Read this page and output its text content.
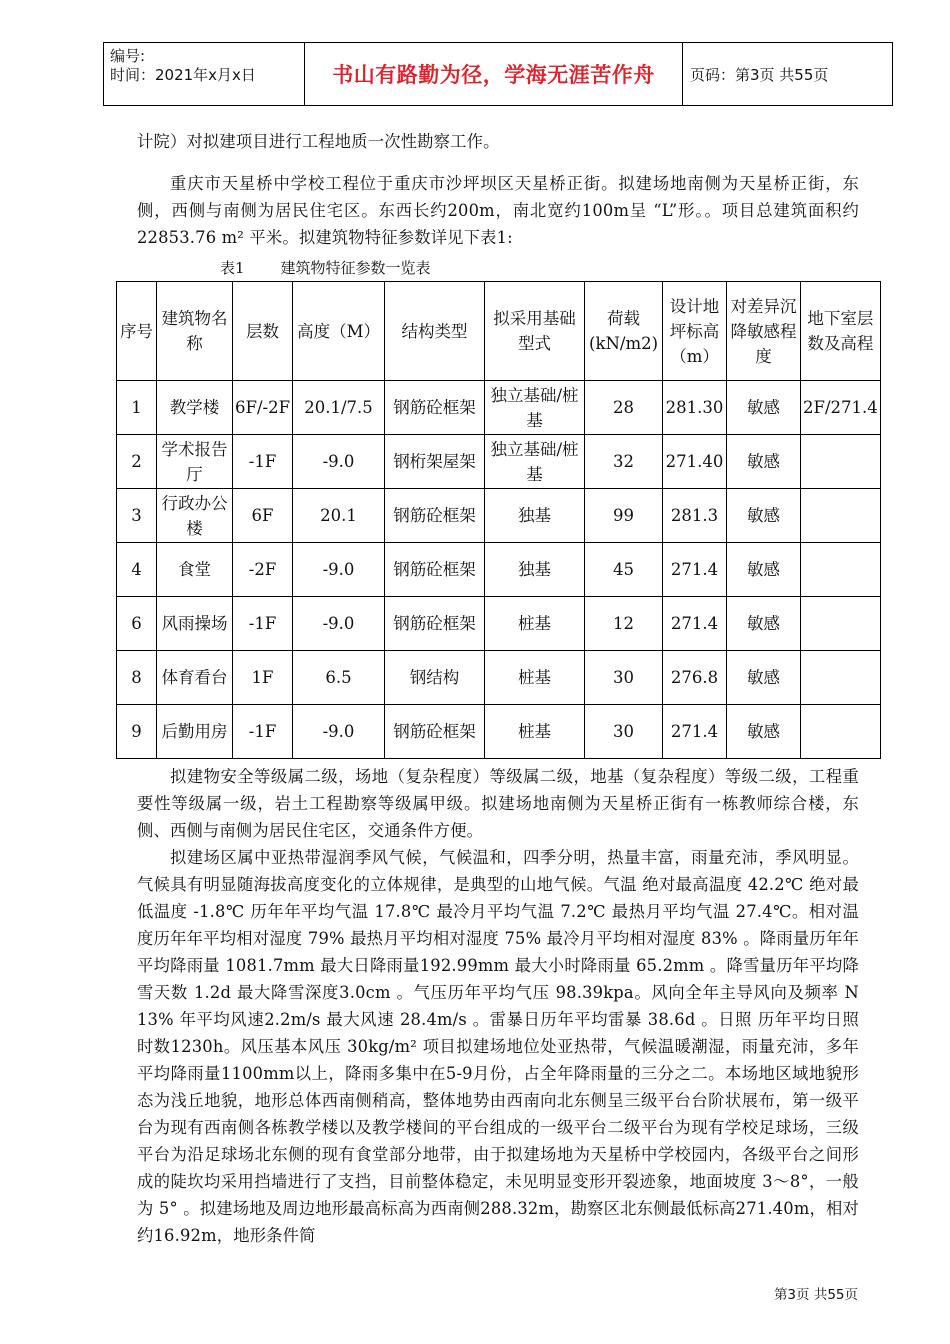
编号:
时间：2021年x月x日	书山有路勤为径，学海无涯苦作舟	页码：第3页 共55页
计院）对拟建项目进行工程地质一次性勘察工作。
重庆市天星桥中学校工程位于重庆市沙坪坝区天星桥正街。拟建场地南侧为天星桥正街，东侧，西侧与南侧为居民住宅区。东西长约200m，南北宽约100m呈 “L”形。。项目总建筑面积约22853.76 m² 平米。拟建筑物特征参数详见下表1:
表1 建筑物特征参数一览表
序号	建筑物名称	层数	高度（M）	结构类型	拟采用基础型式	荷载(kN/m2)	设计地坪标高（m）	对差异沉降敏感程度	地下室层数及高程
1	教学楼	6F/-2F	20.1/7.5	钢筋砼框架	独立基础/桩基	28	281.30	敏感	2F/271.4
2	学术报告厅	-1F	-9.0	钢桁架屋架	独立基础/桩基	32	271.40	敏感	
3	行政办公楼	6F	20.1	钢筋砼框架	独基	99	281.3	敏感	
4	食堂	-2F	-9.0	钢筋砼框架	独基	45	271.4	敏感	
6	风雨操场	-1F	-9.0	钢筋砼框架	桩基	12	271.4	敏感	
8	体育看台	1F	6.5	钢结构	桩基	30	276.8	敏感	
9	后勤用房	-1F	-9.0	钢筋砼框架	桩基	30	271.4	敏感	
拟建物安全等级属二级，场地（复杂程度）等级属二级，地基（复杂程度）等级二级，工程重要性等级属一级，岩土工程勘察等级属甲级。拟建场地南侧为天星桥正街有一栋教师综合楼，东侧、西侧与南侧为居民住宅区，交通条件方便。
拟建场区属中亚热带湿润季风气候，气候温和，四季分明，热量丰富，雨量充沛，季风明显。气候具有明显随海拔高度变化的立体规律，是典型的山地气候。气温 绝对最高温度 42.2℃ 绝对最低温度 -1.8℃ 历年年平均气温 17.8℃ 最冷月平均气温 7.2℃ 最热月平均气温 27.4℃。相对温度历年年平均相对湿度 79% 最热月平均相对湿度 75% 最冷月平均相对湿度 83% 。降雨量历年年平均降雨量 1081.7mm 最大日降雨量192.99mm 最大小时降雨量 65.2mm 。降雪量历年平均降雪天数 1.2d 最大降雪深度3.0cm 。气压历年平均气压 98.39kpa。风向全年主导风向及频率 N 13% 年平均风速2.2m/s 最大风速 28.4m/s 。雷暴日历年平均雷暴 38.6d 。日照 历年平均日照时数1230h。风压基本风压 30kg/m² 项目拟建场地位处亚热带，气候温暖潮湿，雨量充沛，多年平均降雨量1100mm以上，降雨多集中在5-9月份，占全年降雨量的三分之二。本场地区域地貌形态为浅丘地貌，地形总体西南侧稍高，整体地势由西南向北东侧呈三级平台台阶状展布，第一级平台为现有西南侧各栋教学楼以及教学楼间的平台组成的一级平台二级平台为现有学校足球场，三级平台为沿足球场北东侧的现有食堂部分地带，由于拟建场地为天星桥中学校园内，各级平台之间形成的陡坎均采用挡墙进行了支挡，目前整体稳定，未见明显变形开裂迹象，地面坡度 3～8°，一般为 5° 。拟建场地及周边地形最高标高为西南侧288.32m，勘察区北东侧最低标高271.40m，相对约16.92m，地形条件简
第3页 共55页
